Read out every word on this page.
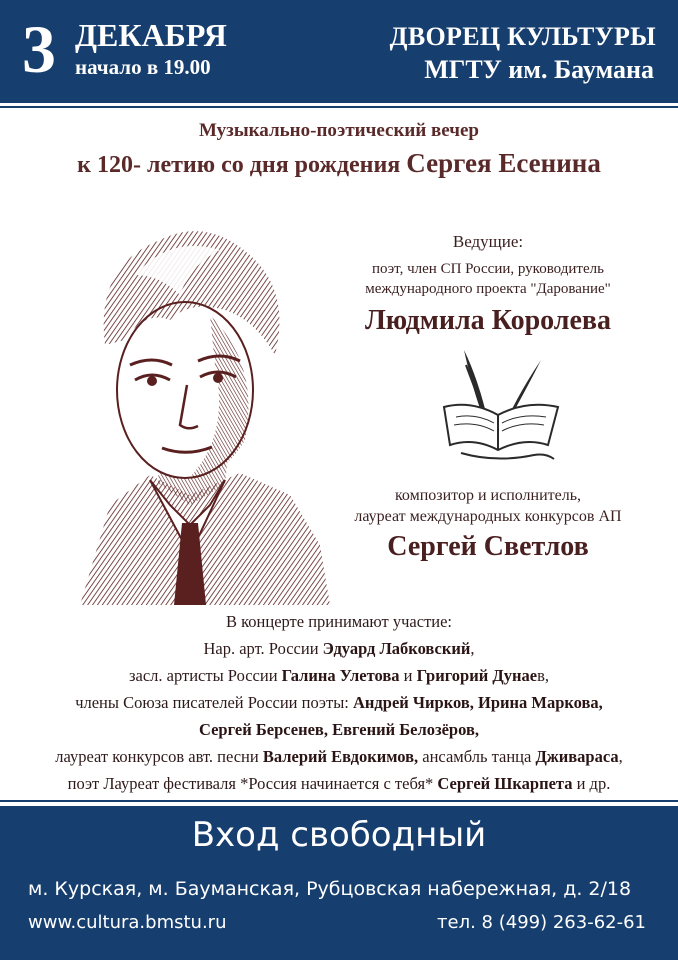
3 ДЕКАБРЯ
начало в 19.00
ДВОРЕЦ КУЛЬТУРЫ
МГТУ им. Баумана
Музыкально-поэтический вечер
к 120- летию со дня рождения Сергея Есенина
Ведущие:
поэт, член СП России, руководитель
международного проекта "Дарование"
Людмила Королева
композитор и исполнитель,
лауреат международных конкурсов АП
Сергей Светлов
В концерте принимают участие:
Нар. арт. России Эдуард Лабковский,
засл. артисты России Галина Улетова и Григорий Дунаев,
члены Союза писателей России поэты: Андрей Чирков, Ирина Маркова,
Сергей Берсенев, Евгений Белозёров,
лауреат конкурсов авт. песни Валерий Евдокимов, ансамбль танца Дживараса,
поэт Лауреат фестиваля *Россия начинается с тебя* Сергей Шкарпета и др.
Вход свободный
м. Курская, м. Бауманская, Рубцовская набережная, д. 2/18
www.cultura.bmstu.ru	тел. 8 (499) 263-62-61
